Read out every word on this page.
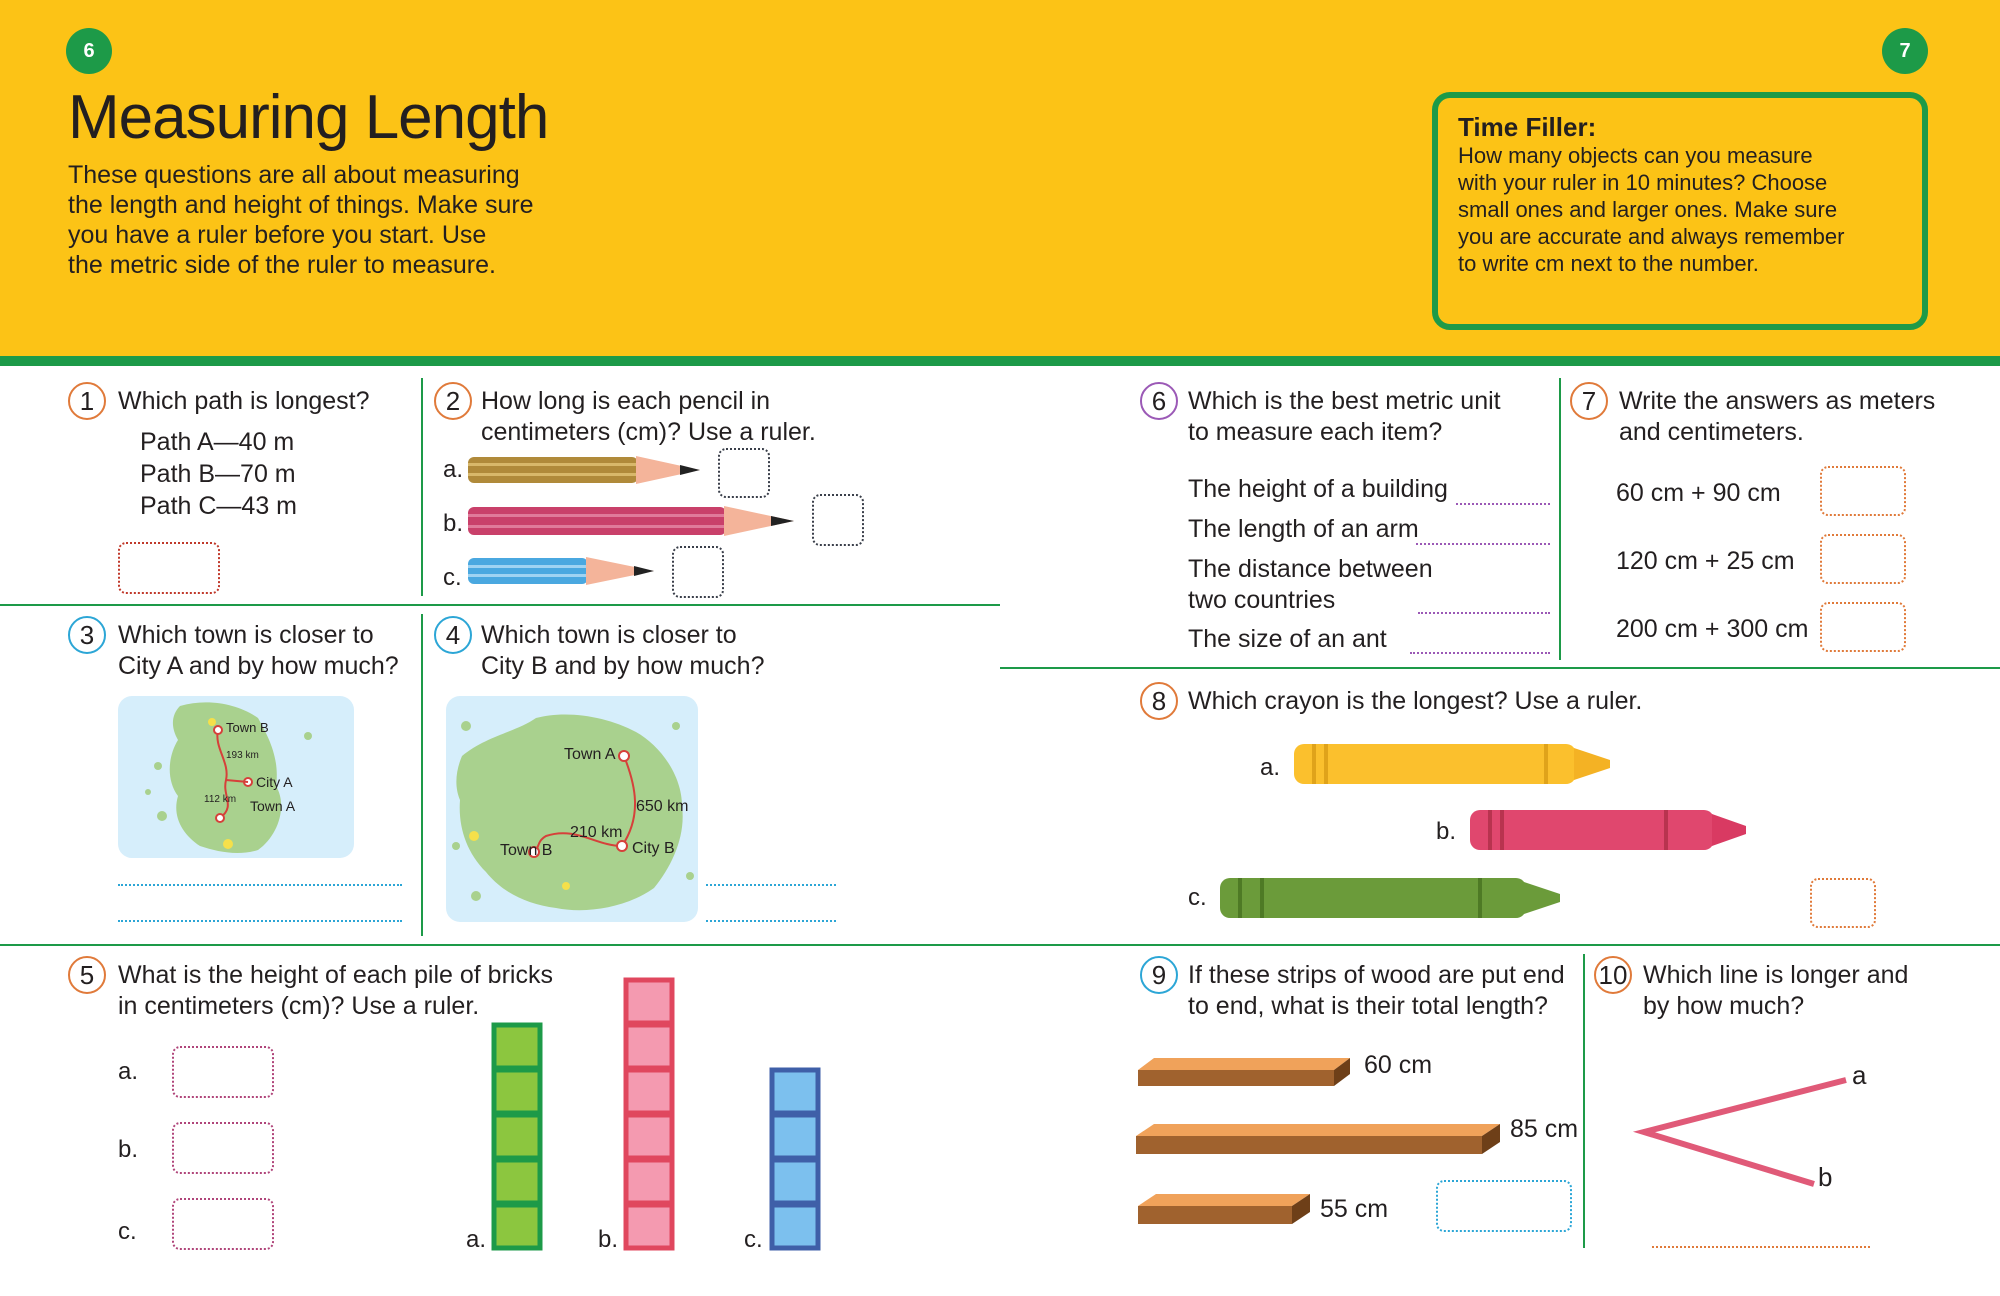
6	7
Measuring Length
These questions are all about measuring
the length and height of things. Make sure
you have a ruler before you start. Use
the metric side of the ruler to measure.
Time Filler:
How many objects can you measure
with your ruler in 10 minutes? Choose
small ones and larger ones. Make sure
you are accurate and always remember
to write cm next to the number.
1 Which path is longest?
Path A—40 m
Path B—70 m
Path C—43 m
2 How long is each pencil in
centimeters (cm)? Use a ruler.
a.
b.
c.
3 Which town is closer to
City A and by how much?
Town B
193 km
City A
112 km Town A
4 Which town is closer to
City B and by how much?
Town A
650 km
210 km
Town B	City B
5 What is the height of each pile of bricks
in centimeters (cm)? Use a ruler.
a.
b.
c.	a.	b.	c.
6 Which is the best metric unit
to measure each item?
The height of a building
The length of an arm
The distance between
two countries
The size of an ant
7 Write the answers as meters
and centimeters.
60 cm + 90 cm
120 cm + 25 cm
200 cm + 300 cm
8 Which crayon is the longest? Use a ruler.
a.
b.
c.
9 If these strips of wood are put end
to end, what is their total length?
60 cm
85 cm
55 cm
10 Which line is longer and
by how much?
a
b
